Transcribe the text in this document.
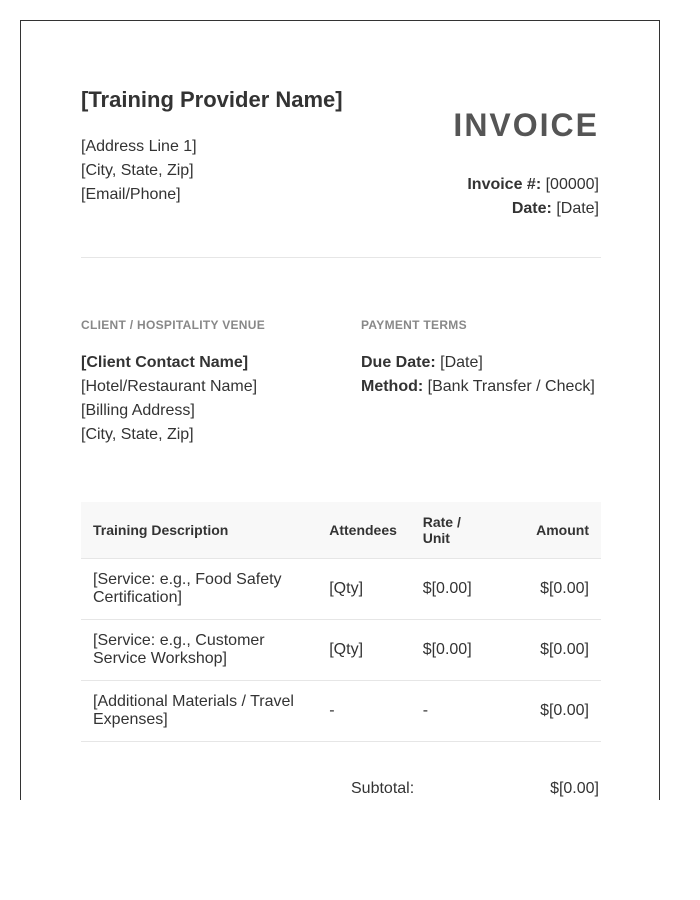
[Training Provider Name]
[Address Line 1]
[City, State, Zip]
[Email/Phone]
INVOICE
Invoice #: [00000]
Date: [Date]
CLIENT / HOSPITALITY VENUE	PAYMENT TERMS
[Client Contact Name]
[Hotel/Restaurant Name]
[Billing Address]
[City, State, Zip]
Due Date: [Date]
Method: [Bank Transfer / Check]
Training Description	Attendees	Rate / Unit	Amount
[Service: e.g., Food Safety Certification]	[Qty]	$[0.00]	$[0.00]
[Service: e.g., Customer Service Workshop]	[Qty]	$[0.00]	$[0.00]
[Additional Materials / Travel Expenses]	-	-	$[0.00]
Subtotal:	$[0.00]
